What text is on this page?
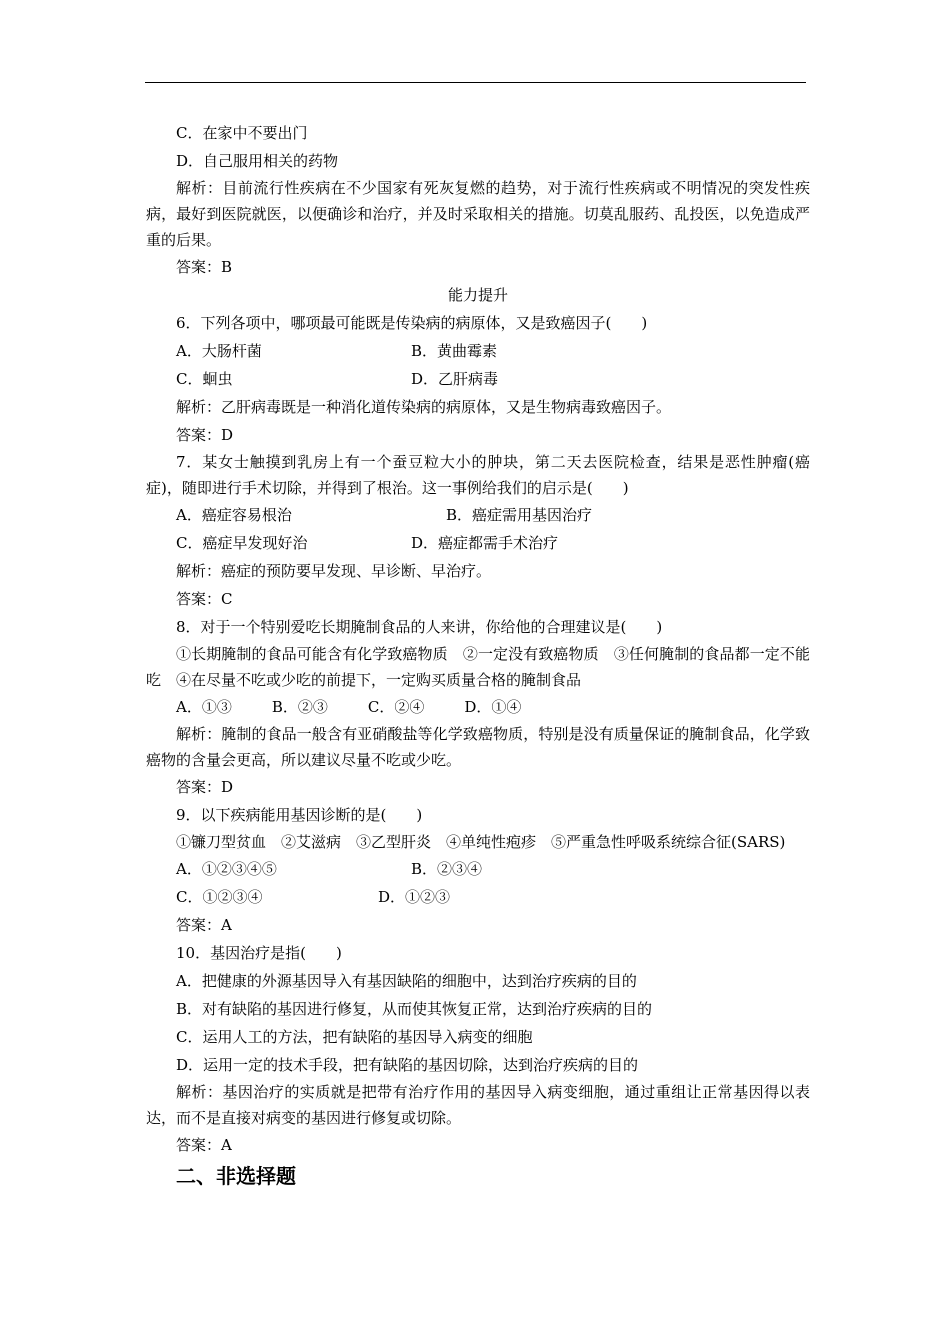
C．在家中不要出门

D．自己服用相关的药物

解析：目前流行性疾病在不少国家有死灰复燃的趋势，对于流行性疾病或不明情况的突发性疾病，最好到医院就医，以便确诊和治疗，并及时采取相关的措施。切莫乱服药、乱投医，以免造成严重的后果。

答案：B

能力提升

6．下列各项中，哪项最可能既是传染病的病原体，又是致癌因子(　　)

A．大肠杆菌	B．黄曲霉素
C．蛔虫	D．乙肝病毒

解析：乙肝病毒既是一种消化道传染病的病原体，又是生物病毒致癌因子。

答案：D

7．某女士触摸到乳房上有一个蚕豆粒大小的肿块，第二天去医院检查，结果是恶性肿瘤(癌症)，随即进行手术切除，并得到了根治。这一事例给我们的启示是(　　)

A．癌症容易根治	B．癌症需用基因治疗
C．癌症早发现好治	D．癌症都需手术治疗

解析：癌症的预防要早发现、早诊断、早治疗。

答案：C

8．对于一个特别爱吃长期腌制食品的人来讲，你给他的合理建议是(　　)

①长期腌制的食品可能含有化学致癌物质　②一定没有致癌物质　③任何腌制的食品都一定不能吃　④在尽量不吃或少吃的前提下，一定购买质量合格的腌制食品

A．①③	B．②③	C．②④	D．①④

解析：腌制的食品一般含有亚硝酸盐等化学致癌物质，特别是没有质量保证的腌制食品，化学致癌物的含量会更高，所以建议尽量不吃或少吃。

答案：D

9．以下疾病能用基因诊断的是(　　)

①镰刀型贫血　②艾滋病　③乙型肝炎　④单纯性疱疹　⑤严重急性呼吸系统综合征(SARS)

A．①②③④⑤	B．②③④
C．①②③④	D．①②③

答案：A

10．基因治疗是指(　　)

A．把健康的外源基因导入有基因缺陷的细胞中，达到治疗疾病的目的

B．对有缺陷的基因进行修复，从而使其恢复正常，达到治疗疾病的目的

C．运用人工的方法，把有缺陷的基因导入病变的细胞

D．运用一定的技术手段，把有缺陷的基因切除，达到治疗疾病的目的

解析：基因治疗的实质就是把带有治疗作用的基因导入病变细胞，通过重组让正常基因得以表达，而不是直接对病变的基因进行修复或切除。

答案：A

二、非选择题
